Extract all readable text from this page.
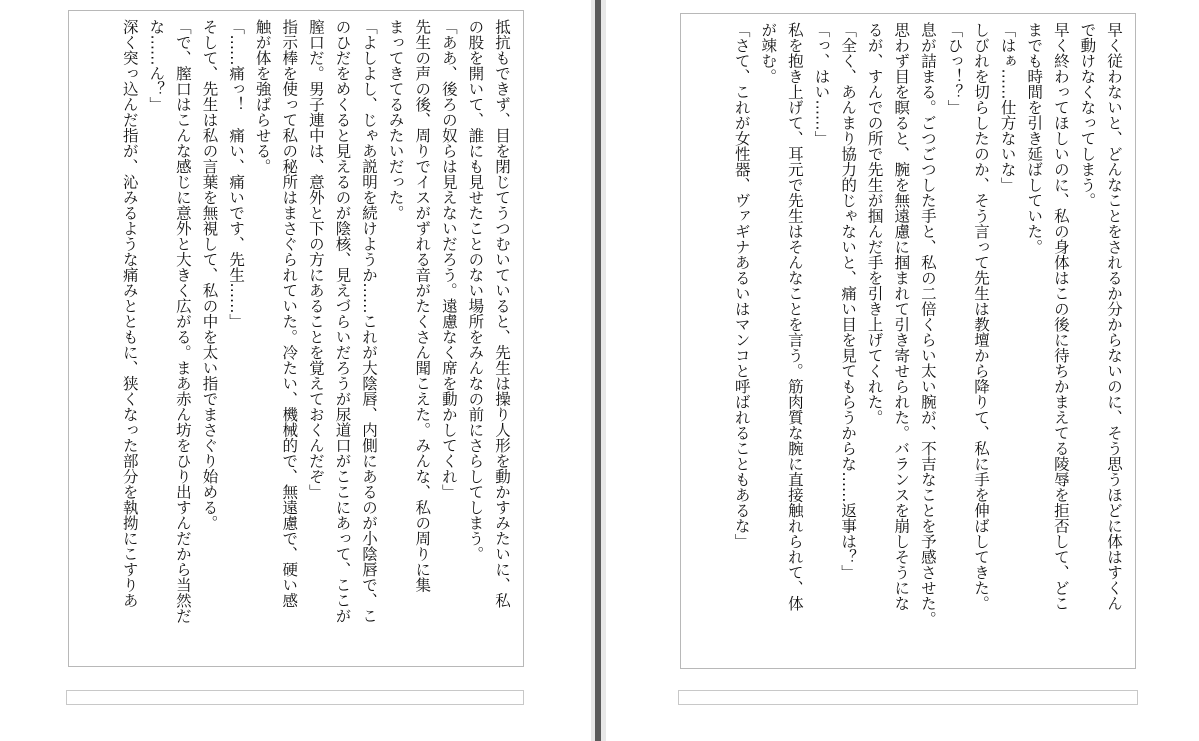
抵抗もできず、目を閉じてうつむいていると、先生は操り人形を動かすみたいに、私

の股を開いて、誰にも見せたことのない場所をみんなの前にさらしてしまう。

「ああ、後ろの奴らは見えないだろう。遠慮なく席を動かしてくれ」

先生の声の後、周りでイスがずれる音がたくさん聞こえた。みんな、私の周りに集

まってきてるみたいだった。

「よしよし、じゃあ説明を続けようか……これが大陰唇、内側にあるのが小陰唇で、こ

のひだをめくると見えるのが陰核、見えづらいだろうが尿道口がここにあって、ここが

膣口だ。男子連中は、意外と下の方にあることを覚えておくんだぞ」

指示棒を使って私の秘所はまさぐられていた。冷たい、機械的で、無遠慮で、硬い感

触が体を強ばらせる。

「……痛っ！　痛い、痛いです、先生……」

そして、先生は私の言葉を無視して、私の中を太い指でまさぐり始める。

「で、膣口はこんな感じに意外と大きく広がる。まあ赤ん坊をひり出すんだから当然だ

な……ん？」

深く突っ込んだ指が、沁みるような痛みとともに、狭くなった部分を執拗にこすりあ	早く従わないと、どんなことをされるか分からないのに、そう思うほどに体はすくん

で動けなくなってしまう。

早く終わってほしいのに、私の身体はこの後に待ちかまえてる陵辱を拒否して、どこ

までも時間を引き延ばしていた。

「はぁ……仕方ないな」

しびれを切らしたのか、そう言って先生は教壇から降りて、私に手を伸ばしてきた。

「ひっ！？」

息が詰まる。ごつごつした手と、私の二倍くらい太い腕が、不吉なことを予感させた。

思わず目を瞑ると、腕を無遠慮に掴まれて引き寄せられた。バランスを崩しそうにな

るが、すんでの所で先生が掴んだ手を引き上げてくれた。

「全く、あんまり協力的じゃないと、痛い目を見てもらうからな……返事は？」

「っ、はい……」

私を抱き上げて、耳元で先生はそんなことを言う。筋肉質な腕に直接触れられて、体

が竦む。

「さて、これが女性器、ヴァギナあるいはマンコと呼ばれることもあるな」
